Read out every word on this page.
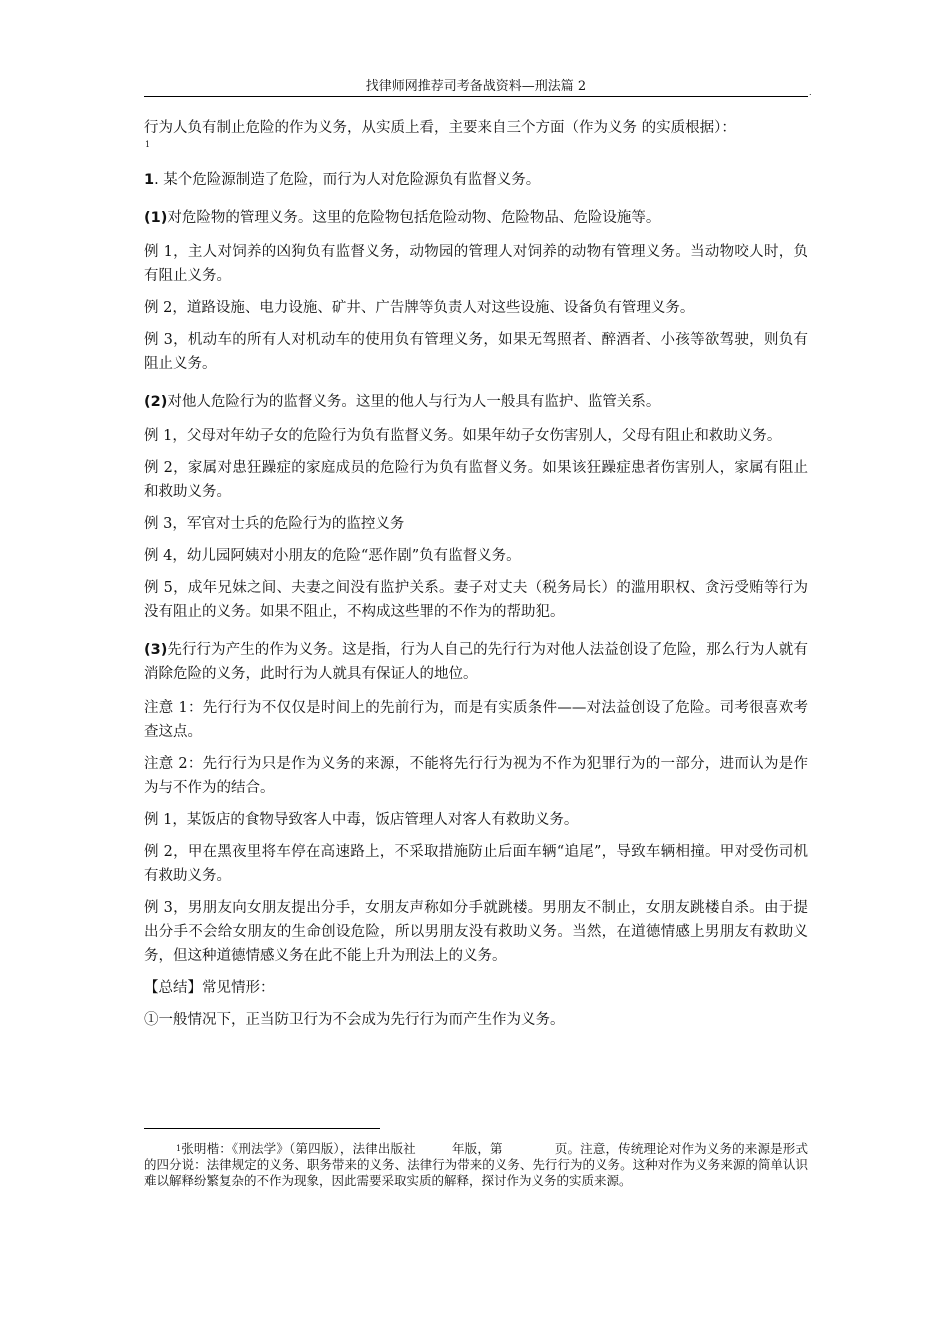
找律师网推荐司考备战资料—刑法篇 2	.

行为人负有制止危险的作为义务，从实质上看，主要来自三个方面（作为义务 的实质根据）：

1

1. 某个危险源制造了危险，而行为人对危险源负有监督义务。

(1)对危险物的管理义务。这里的危险物包括危险动物、危险物品、危险设施等。

例 1，主人对饲养的凶狗负有监督义务，动物园的管理人对饲养的动物有管理义务。当动物咬人时，负有阻止义务。

例 2，道路设施、电力设施、矿井、广告牌等负责人对这些设施、设备负有管理义务。

例 3，机动车的所有人对机动车的使用负有管理义务，如果无驾照者、醉酒者、小孩等欲驾驶，则负有阻止义务。

(2)对他人危险行为的监督义务。这里的他人与行为人一般具有监护、监管关系。

例 1，父母对年幼子女的危险行为负有监督义务。如果年幼子女伤害别人，父母有阻止和救助义务。

例 2，家属对患狂躁症的家庭成员的危险行为负有监督义务。如果该狂躁症患者伤害别人，家属有阻止和救助义务。

例 3，军官对士兵的危险行为的监控义务

例 4，幼儿园阿姨对小朋友的危险“恶作剧”负有监督义务。

例 5，成年兄妹之间、夫妻之间没有监护关系。妻子对丈夫（税务局长）的滥用职权、贪污受贿等行为没有阻止的义务。如果不阻止，不构成这些罪的不作为的帮助犯。

(3)先行行为产生的作为义务。这是指，行为人自己的先行行为对他人法益创设了危险，那么行为人就有消除危险的义务，此时行为人就具有保证人的地位。

注意 1：先行行为不仅仅是时间上的先前行为，而是有实质条件——对法益创设了危险。司考很喜欢考查这点。

注意 2：先行行为只是作为义务的来源，不能将先行行为视为不作为犯罪行为的一部分，进而认为是作为与不作为的结合。

例 1，某饭店的食物导致客人中毒，饭店管理人对客人有救助义务。

例 2，甲在黑夜里将车停在高速路上，不采取措施防止后面车辆“追尾”，导致车辆相撞。甲对受伤司机有救助义务。

例 3，男朋友向女朋友提出分手，女朋友声称如分手就跳楼。男朋友不制止，女朋友跳楼自杀。由于提出分手不会给女朋友的生命创设危险，所以男朋友没有救助义务。当然，在道德情感上男朋友有救助义务，但这种道德情感义务在此不能上升为刑法上的义务。

【总结】常见情形：

①一般情况下，正当防卫行为不会成为先行行为而产生作为义务。

$^1$张明楷：《刑法学》（第四版），法律出版社	年版，第	页。注意，传统理论对作为义务的来源是形式的四分说：法律规定的义务、职务带来的义务、法律行为带来的义务、先行行为的义务。这种对作为义务来源的简单认识难以解释纷繁复杂的不作为现象，因此需要采取实质的解释，探讨作为义务的实质来源。
